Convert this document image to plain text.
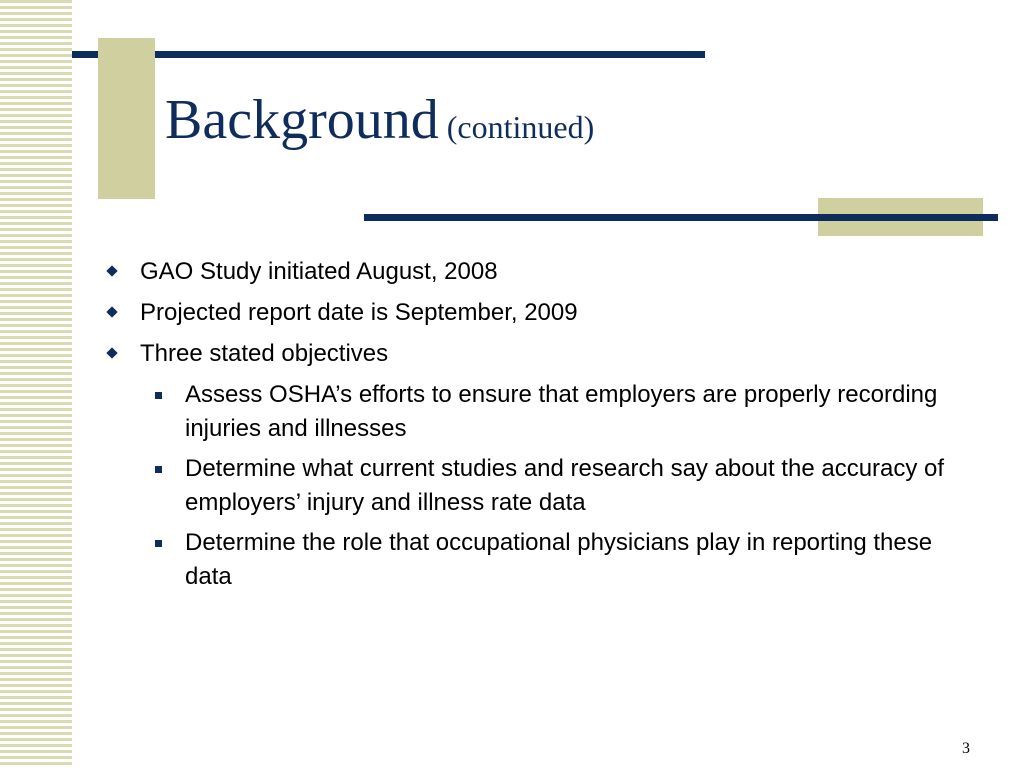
Background (continued)
GAO Study initiated August, 2008
Projected report date is September, 2009
Three stated objectives
Assess OSHA’s efforts to ensure that employers are properly recording injuries and illnesses
Determine what current studies and research say about the accuracy of employers’ injury and illness rate data
Determine the role that occupational physicians play in reporting these data
3
